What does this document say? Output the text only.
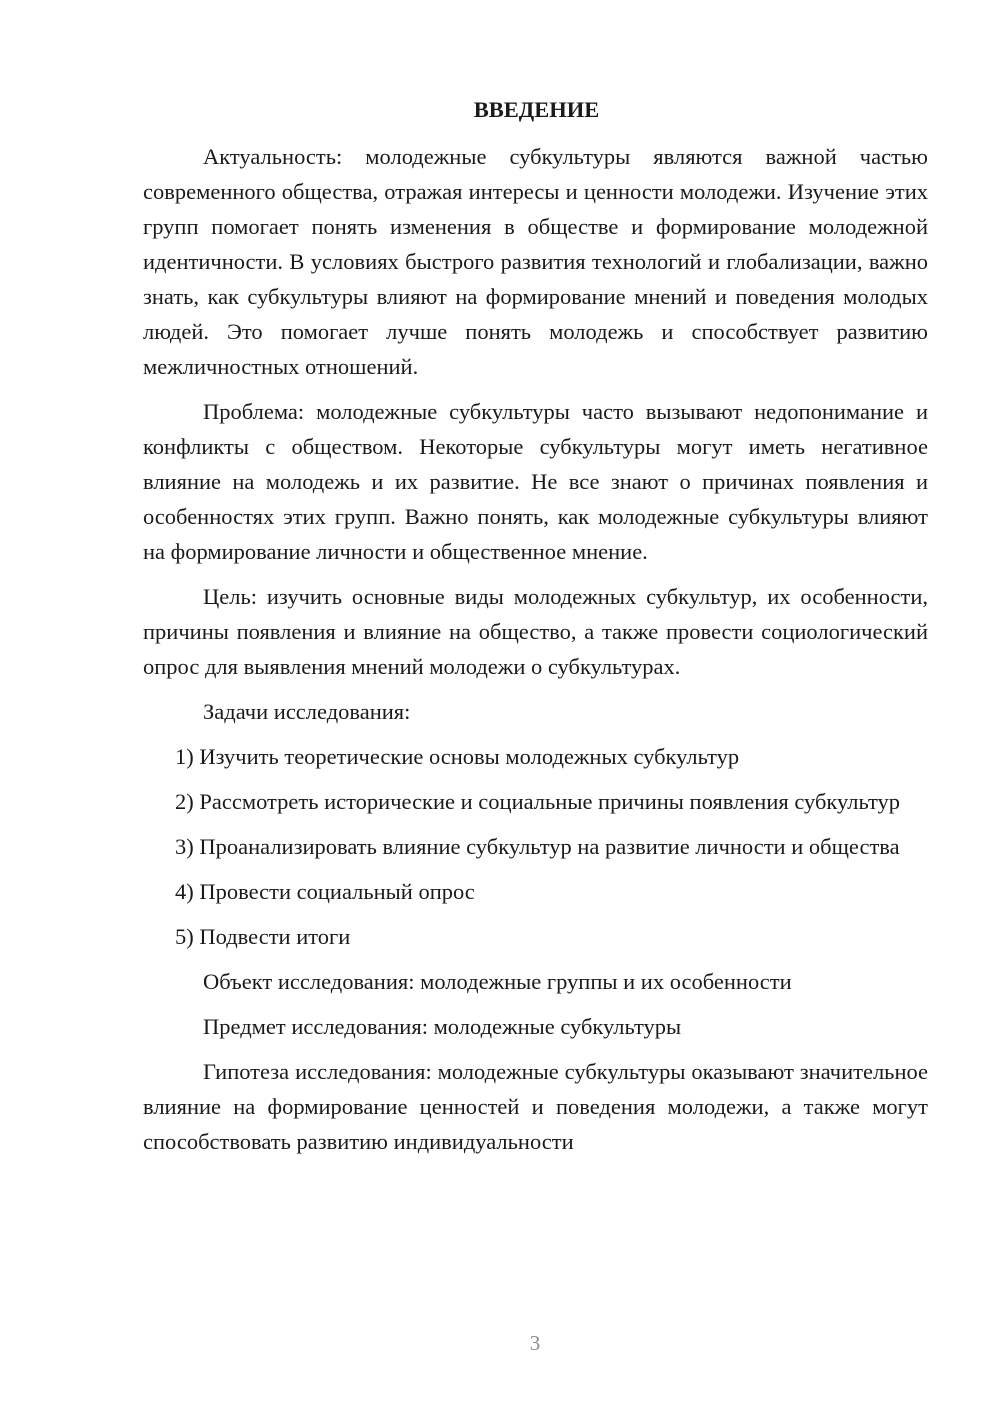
ВВЕДЕНИЕ

Актуальность: молодежные субкультуры являются важной частью современного общества, отражая интересы и ценности молодежи. Изучение этих групп помогает понять изменения в обществе и формирование молодежной идентичности. В условиях быстрого развития технологий и глобализации, важно знать, как субкультуры влияют на формирование мнений и поведения молодых людей. Это помогает лучше понять молодежь и способствует развитию межличностных отношений.

Проблема: молодежные субкультуры часто вызывают недопонимание и конфликты с обществом. Некоторые субкультуры могут иметь негативное влияние на молодежь и их развитие. Не все знают о причинах появления и особенностях этих групп. Важно понять, как молодежные субкультуры влияют на формирование личности и общественное мнение.

Цель: изучить основные виды молодежных субкультур, их особенности, причины появления и влияние на общество, а также провести социологический опрос для выявления мнений молодежи о субкультурах.

Задачи исследования:

1) Изучить теоретические основы молодежных субкультур

2) Рассмотреть исторические и социальные причины появления субкультур

3) Проанализировать влияние субкультур на развитие личности и общества

4) Провести социальный опрос

5) Подвести итоги

Объект исследования: молодежные группы и их особенности

Предмет исследования: молодежные субкультуры

Гипотеза исследования: молодежные субкультуры оказывают значительное влияние на формирование ценностей и поведения молодежи, а также могут способствовать развитию индивидуальности

3
